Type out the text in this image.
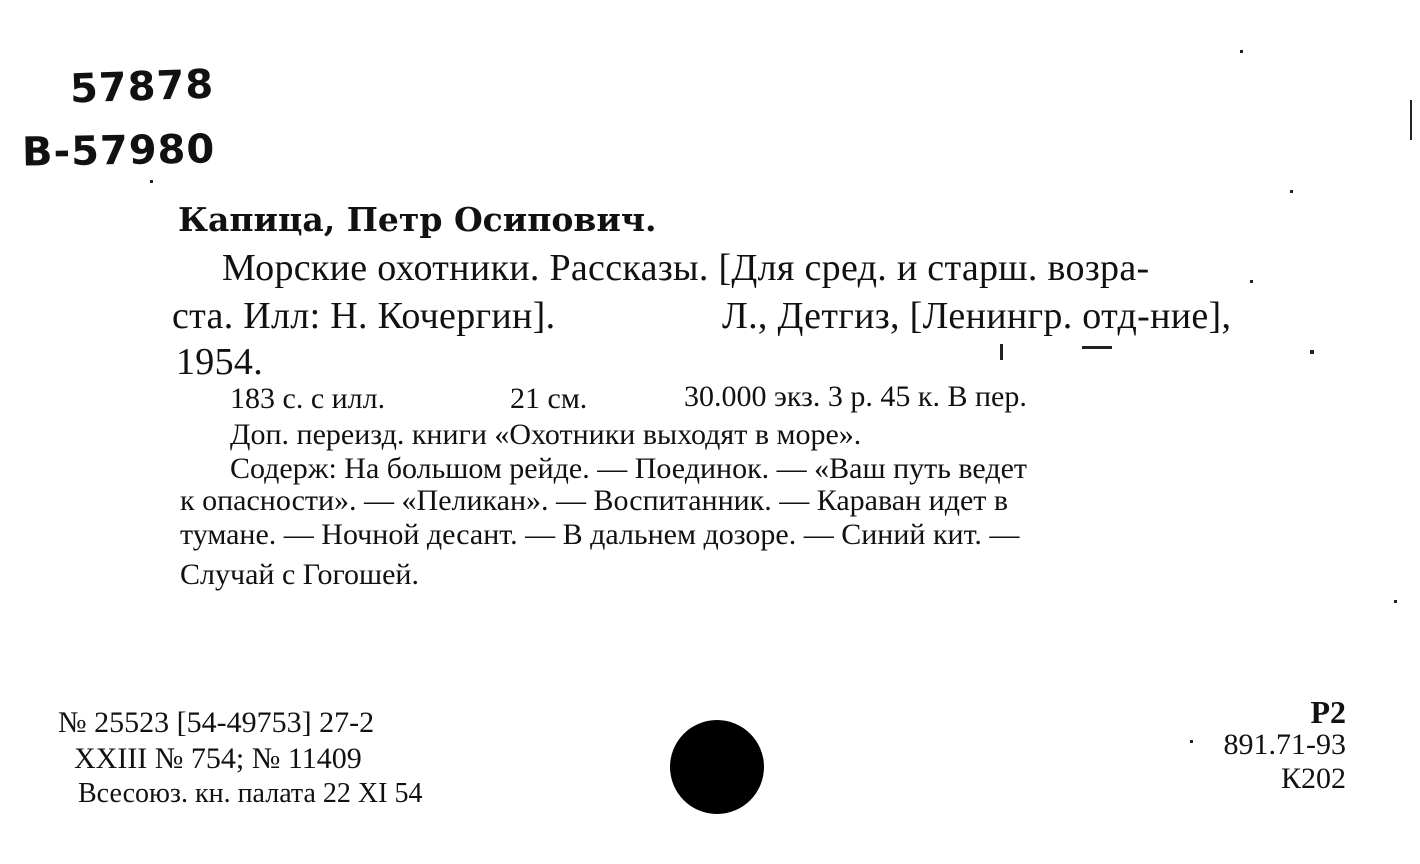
57878
В-57980
Капица, Петр Осипович.
Морские охотники. Рассказы. [Для сред. и старш. возра-
ста. Илл: Н. Кочергин].	Л., Детгиз, [Ленингр. отд-ние],
1954.
183 с. с илл.	21 см.	30.000 экз. 3 р. 45 к. В пер.
Доп. переизд. книги «Охотники выходят в море».
Содерж: На большом рейде. — Поединок. — «Ваш путь ведет
к опасности». — «Пеликан». — Воспитанник. — Караван идет в
тумане. — Ночной десант. — В дальнем дозоре. — Синий кит. —
Случай с Гогошей.
№ 25523 [54-49753] 27-2
XXIII № 754; № 11409
Всесоюз. кн. палата 22 XI 54
Р2
891.71-93
К202
